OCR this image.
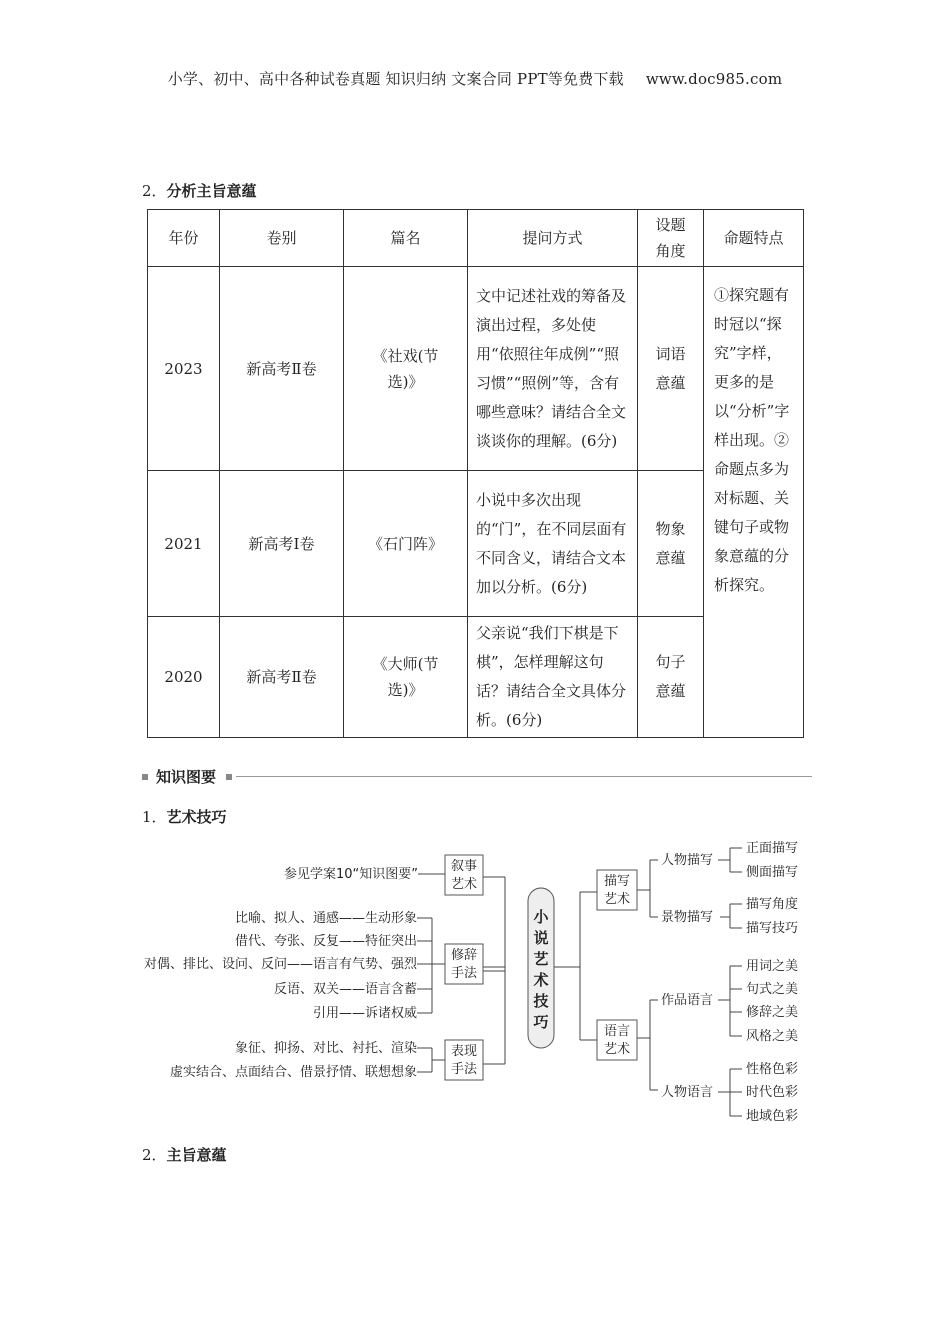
小学、初中、高中各种试卷真题 知识归纳 文案合同 PPT等免费下载 www.doc985.com
2．分析主旨意蕴
年份	卷别	篇名	提问方式	设题角度	命题特点
2023	新高考Ⅱ卷	《社戏(节选)》	文中记述社戏的筹备及演出过程，多处使用“依照往年成例”“照习惯”“照例”等，含有哪些意味？请结合全文谈谈你的理解。(6分)	词语意蕴	①探究题有时冠以“探究”字样，更多的是以“分析”字样出现。②命题点多为对标题、关键句子或物象意蕴的分析探究。
2021	新高考Ⅰ卷	《石门阵》	小说中多次出现的“门”，在不同层面有不同含义，请结合文本加以分析。(6分)	物象意蕴	

2020	新高考Ⅱ卷	《大师(节选)》	父亲说“我们下棋是下棋”，怎样理解这句话？请结合全文具体分析。(6分)	句子意蕴	
知识图要
1．艺术技巧
小说艺术技巧
叙事艺术
修辞手法
表现手法
描写艺术
语言艺术
参见学案10“知识图要”
比喻、拟人、通感——生动形象
借代、夸张、反复——特征突出
对偶、排比、设问、反问——语言有气势、强烈
反语、双关——语言含蓄
引用——诉诸权威
象征、抑扬、对比、衬托、渲染
虚实结合、点面结合、借景抒情、联想想象
人物描写
景物描写
作品语言
人物语言
正面描写
侧面描写
描写角度
描写技巧
用词之美
句式之美
修辞之美
风格之美
性格色彩
时代色彩
地域色彩
2．主旨意蕴
